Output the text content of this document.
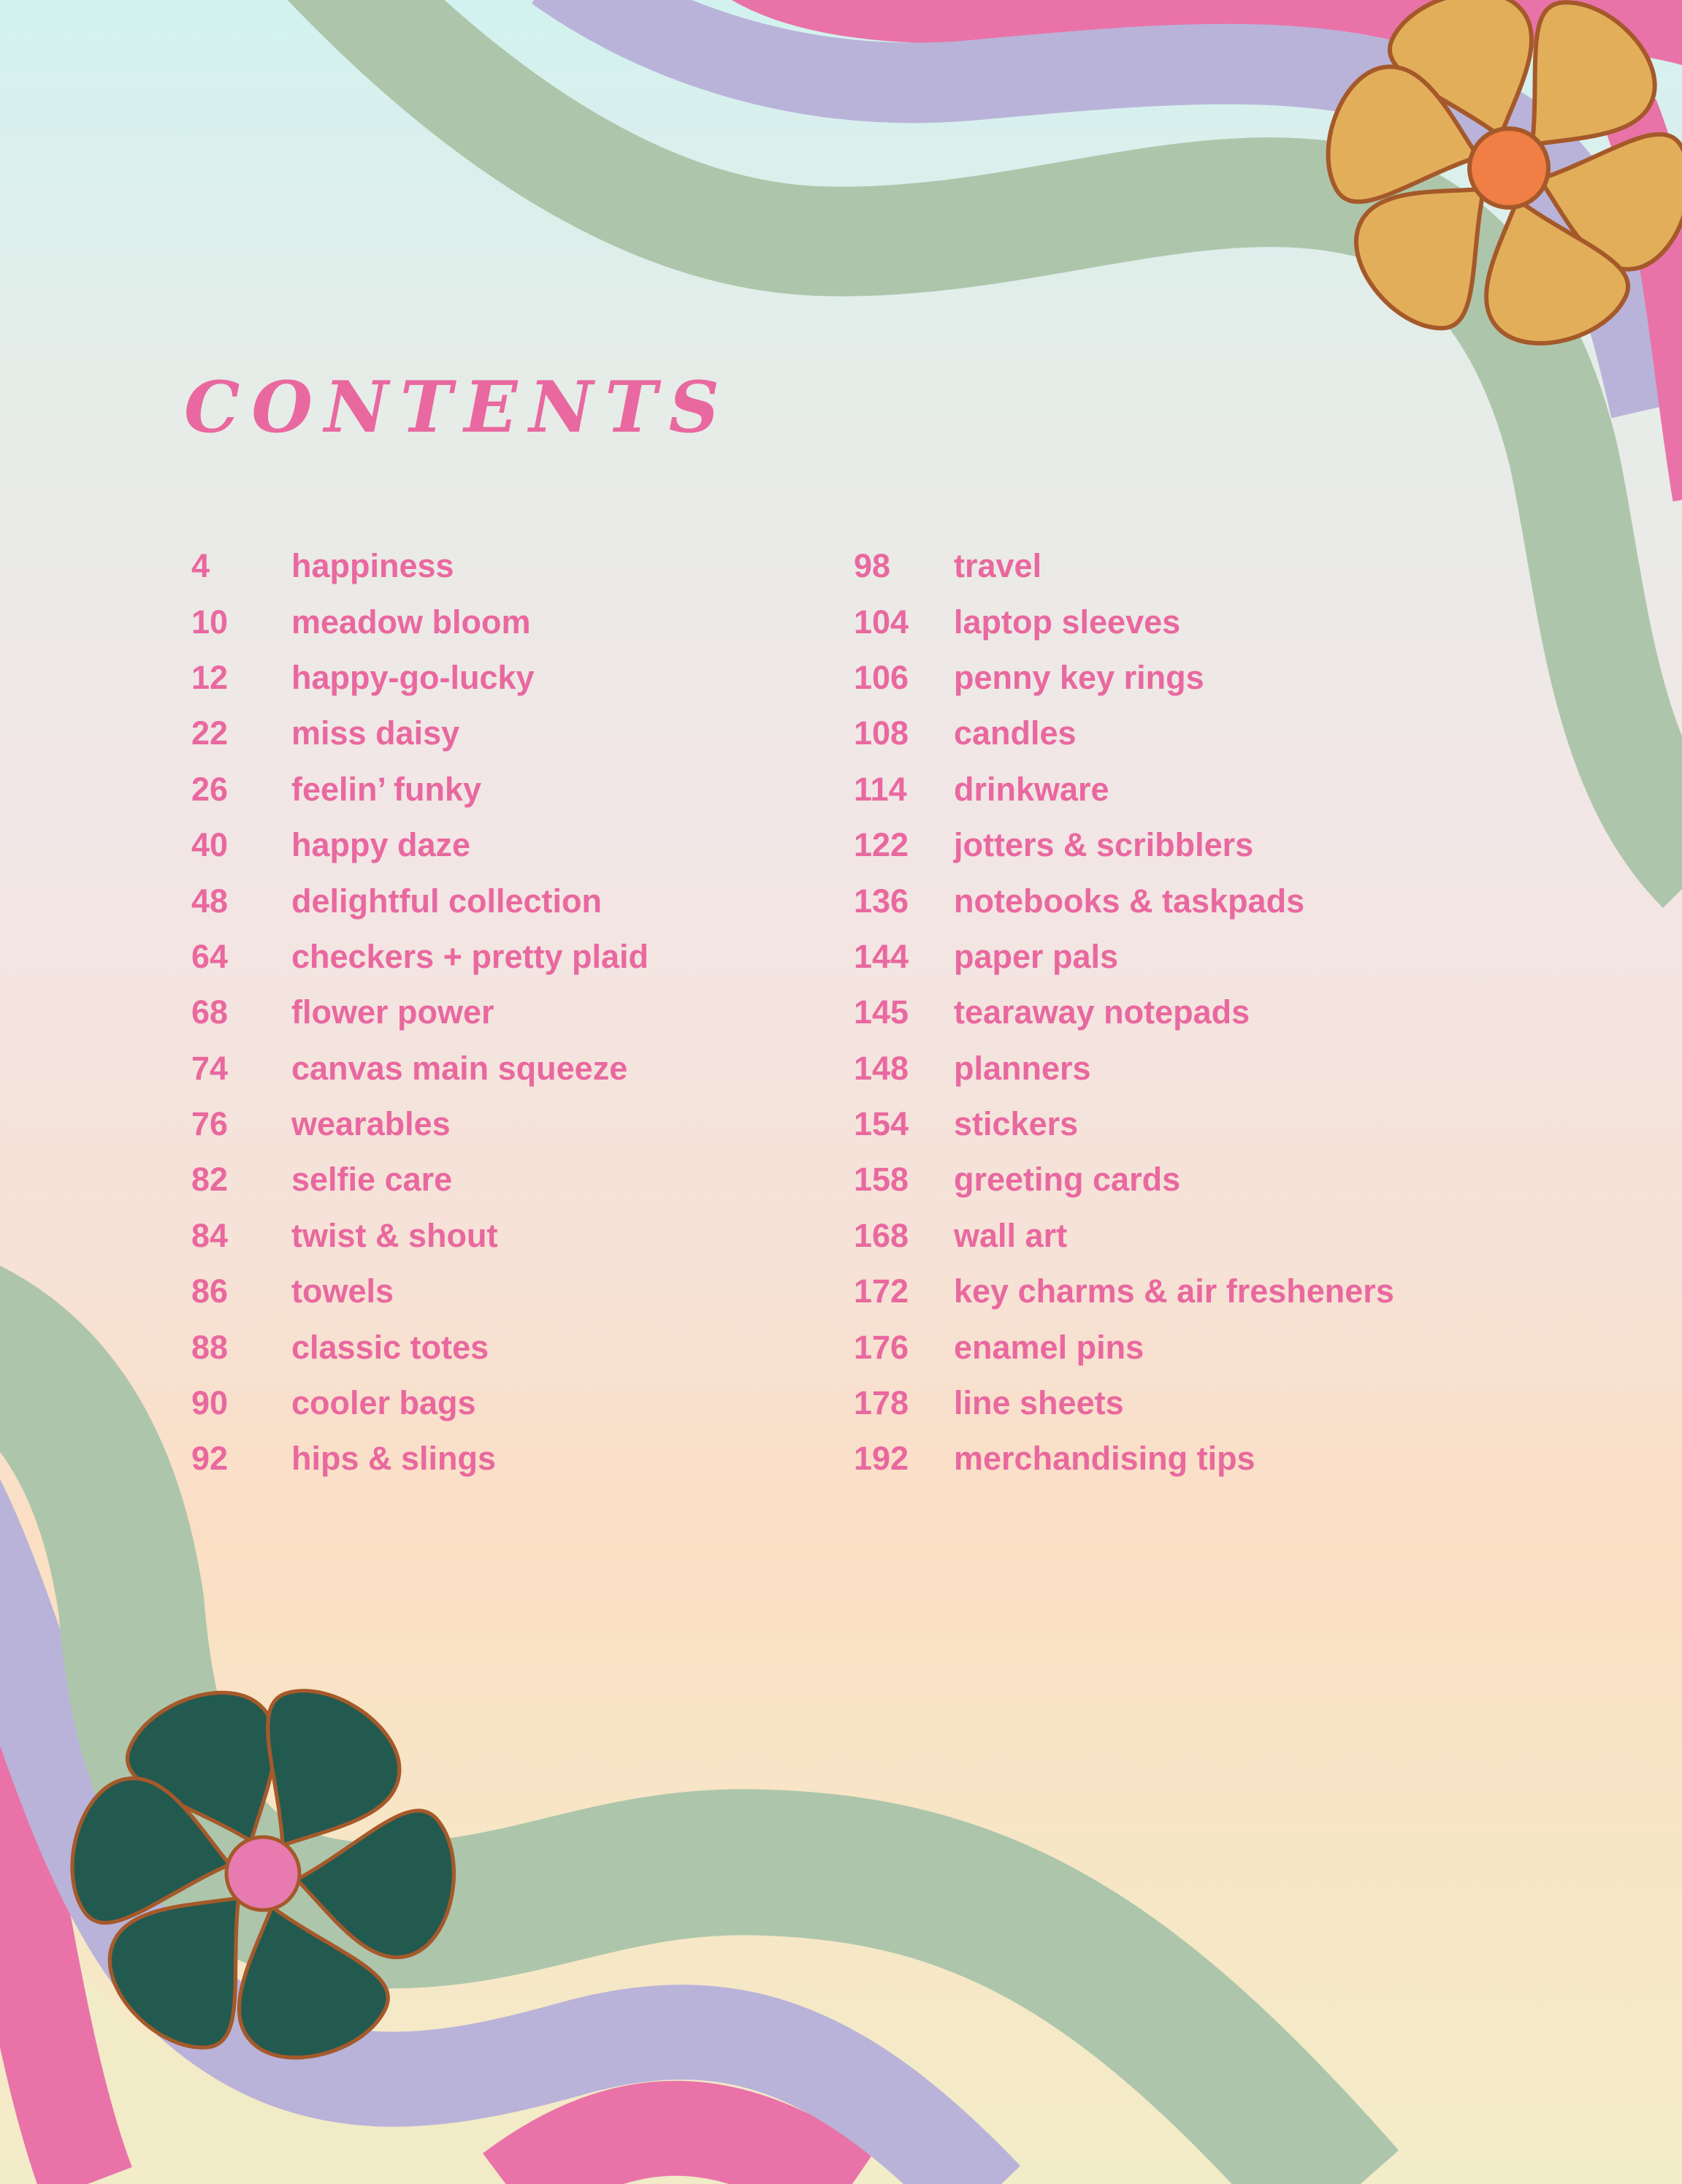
CONTENTS
4	happiness
10	meadow bloom
12	happy-go-lucky
22	miss daisy
26	feelin’ funky
40	happy daze
48	delightful collection
64	checkers + pretty plaid
68	flower power
74	canvas main squeeze
76	wearables
82	selfie care
84	twist & shout
86	towels
88	classic totes
90	cooler bags
92	hips & slings
98	travel
104	laptop sleeves
106	penny key rings
108	candles
114	drinkware
122	jotters & scribblers
136	notebooks & taskpads
144	paper pals
145	tearaway notepads
148	planners
154	stickers
158	greeting cards
168	wall art
172	key charms & air fresheners
176	enamel pins
178	line sheets
192	merchandising tips
